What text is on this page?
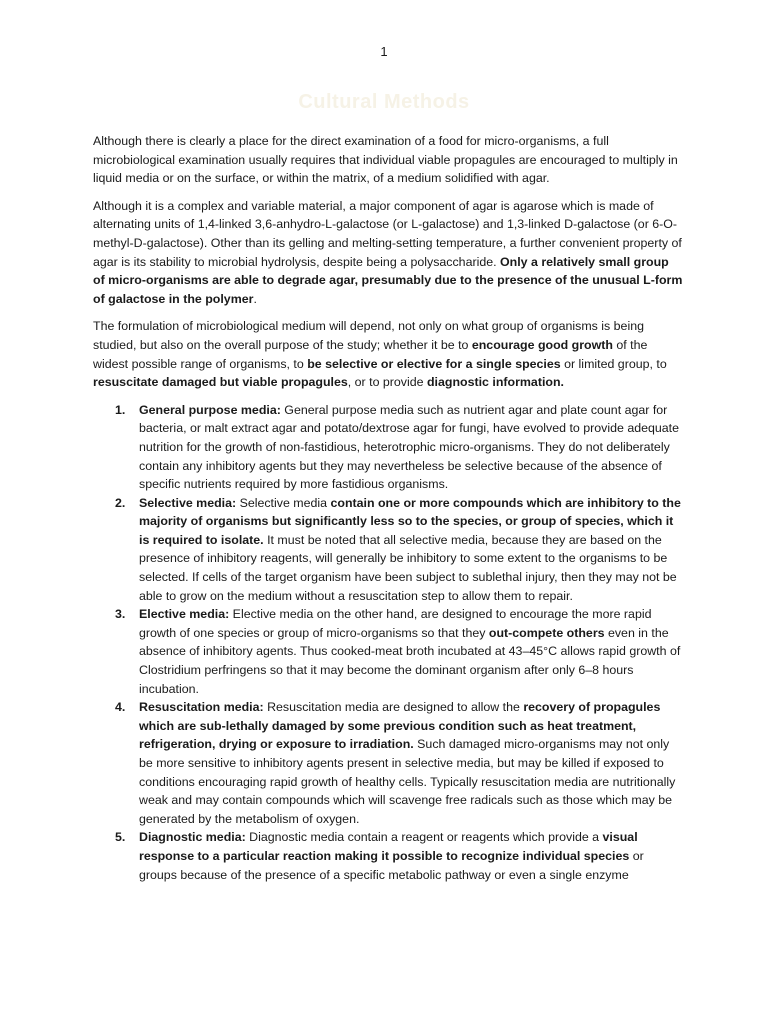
1
Cultural Methods

Although there is clearly a place for the direct examination of a food for micro-organisms, a full microbiological examination usually requires that individual viable propagules are encouraged to multiply in liquid media or on the surface, or within the matrix, of a medium solidified with agar.

Although it is a complex and variable material, a major component of agar is agarose which is made of alternating units of 1,4-linked 3,6-anhydro-L-galactose (or L-galactose) and 1,3-linked D-galactose (or 6-O-methyl-D-galactose). Other than its gelling and melting-setting temperature, a further convenient property of agar is its stability to microbial hydrolysis, despite being a polysaccharide. Only a relatively small group of micro-organisms are able to degrade agar, presumably due to the presence of the unusual L-form of galactose in the polymer.

The formulation of microbiological medium will depend, not only on what group of organisms is being studied, but also on the overall purpose of the study; whether it be to encourage good growth of the widest possible range of organisms, to be selective or elective for a single species or limited group, to resuscitate damaged but viable propagules, or to provide diagnostic information.

1. General purpose media: General purpose media such as nutrient agar and plate count agar for bacteria, or malt extract agar and potato/dextrose agar for fungi, have evolved to provide adequate nutrition for the growth of non-fastidious, heterotrophic micro-organisms. They do not deliberately contain any inhibitory agents but they may nevertheless be selective because of the absence of specific nutrients required by more fastidious organisms.
2. Selective media: Selective media contain one or more compounds which are inhibitory to the majority of organisms but significantly less so to the species, or group of species, which it is required to isolate. It must be noted that all selective media, because they are based on the presence of inhibitory reagents, will generally be inhibitory to some extent to the organisms to be selected. If cells of the target organism have been subject to sublethal injury, then they may not be able to grow on the medium without a resuscitation step to allow them to repair.
3. Elective media: Elective media on the other hand, are designed to encourage the more rapid growth of one species or group of micro-organisms so that they out-compete others even in the absence of inhibitory agents. Thus cooked-meat broth incubated at 43–45°C allows rapid growth of Clostridium perfringens so that it may become the dominant organism after only 6–8 hours incubation.
4. Resuscitation media: Resuscitation media are designed to allow the recovery of propagules which are sub-lethally damaged by some previous condition such as heat treatment, refrigeration, drying or exposure to irradiation. Such damaged micro-organisms may not only be more sensitive to inhibitory agents present in selective media, but may be killed if exposed to conditions encouraging rapid growth of healthy cells. Typically resuscitation media are nutritionally weak and may contain compounds which will scavenge free radicals such as those which may be generated by the metabolism of oxygen.
5. Diagnostic media: Diagnostic media contain a reagent or reagents which provide a visual response to a particular reaction making it possible to recognize individual species or groups because of the presence of a specific metabolic pathway or even a single enzyme
